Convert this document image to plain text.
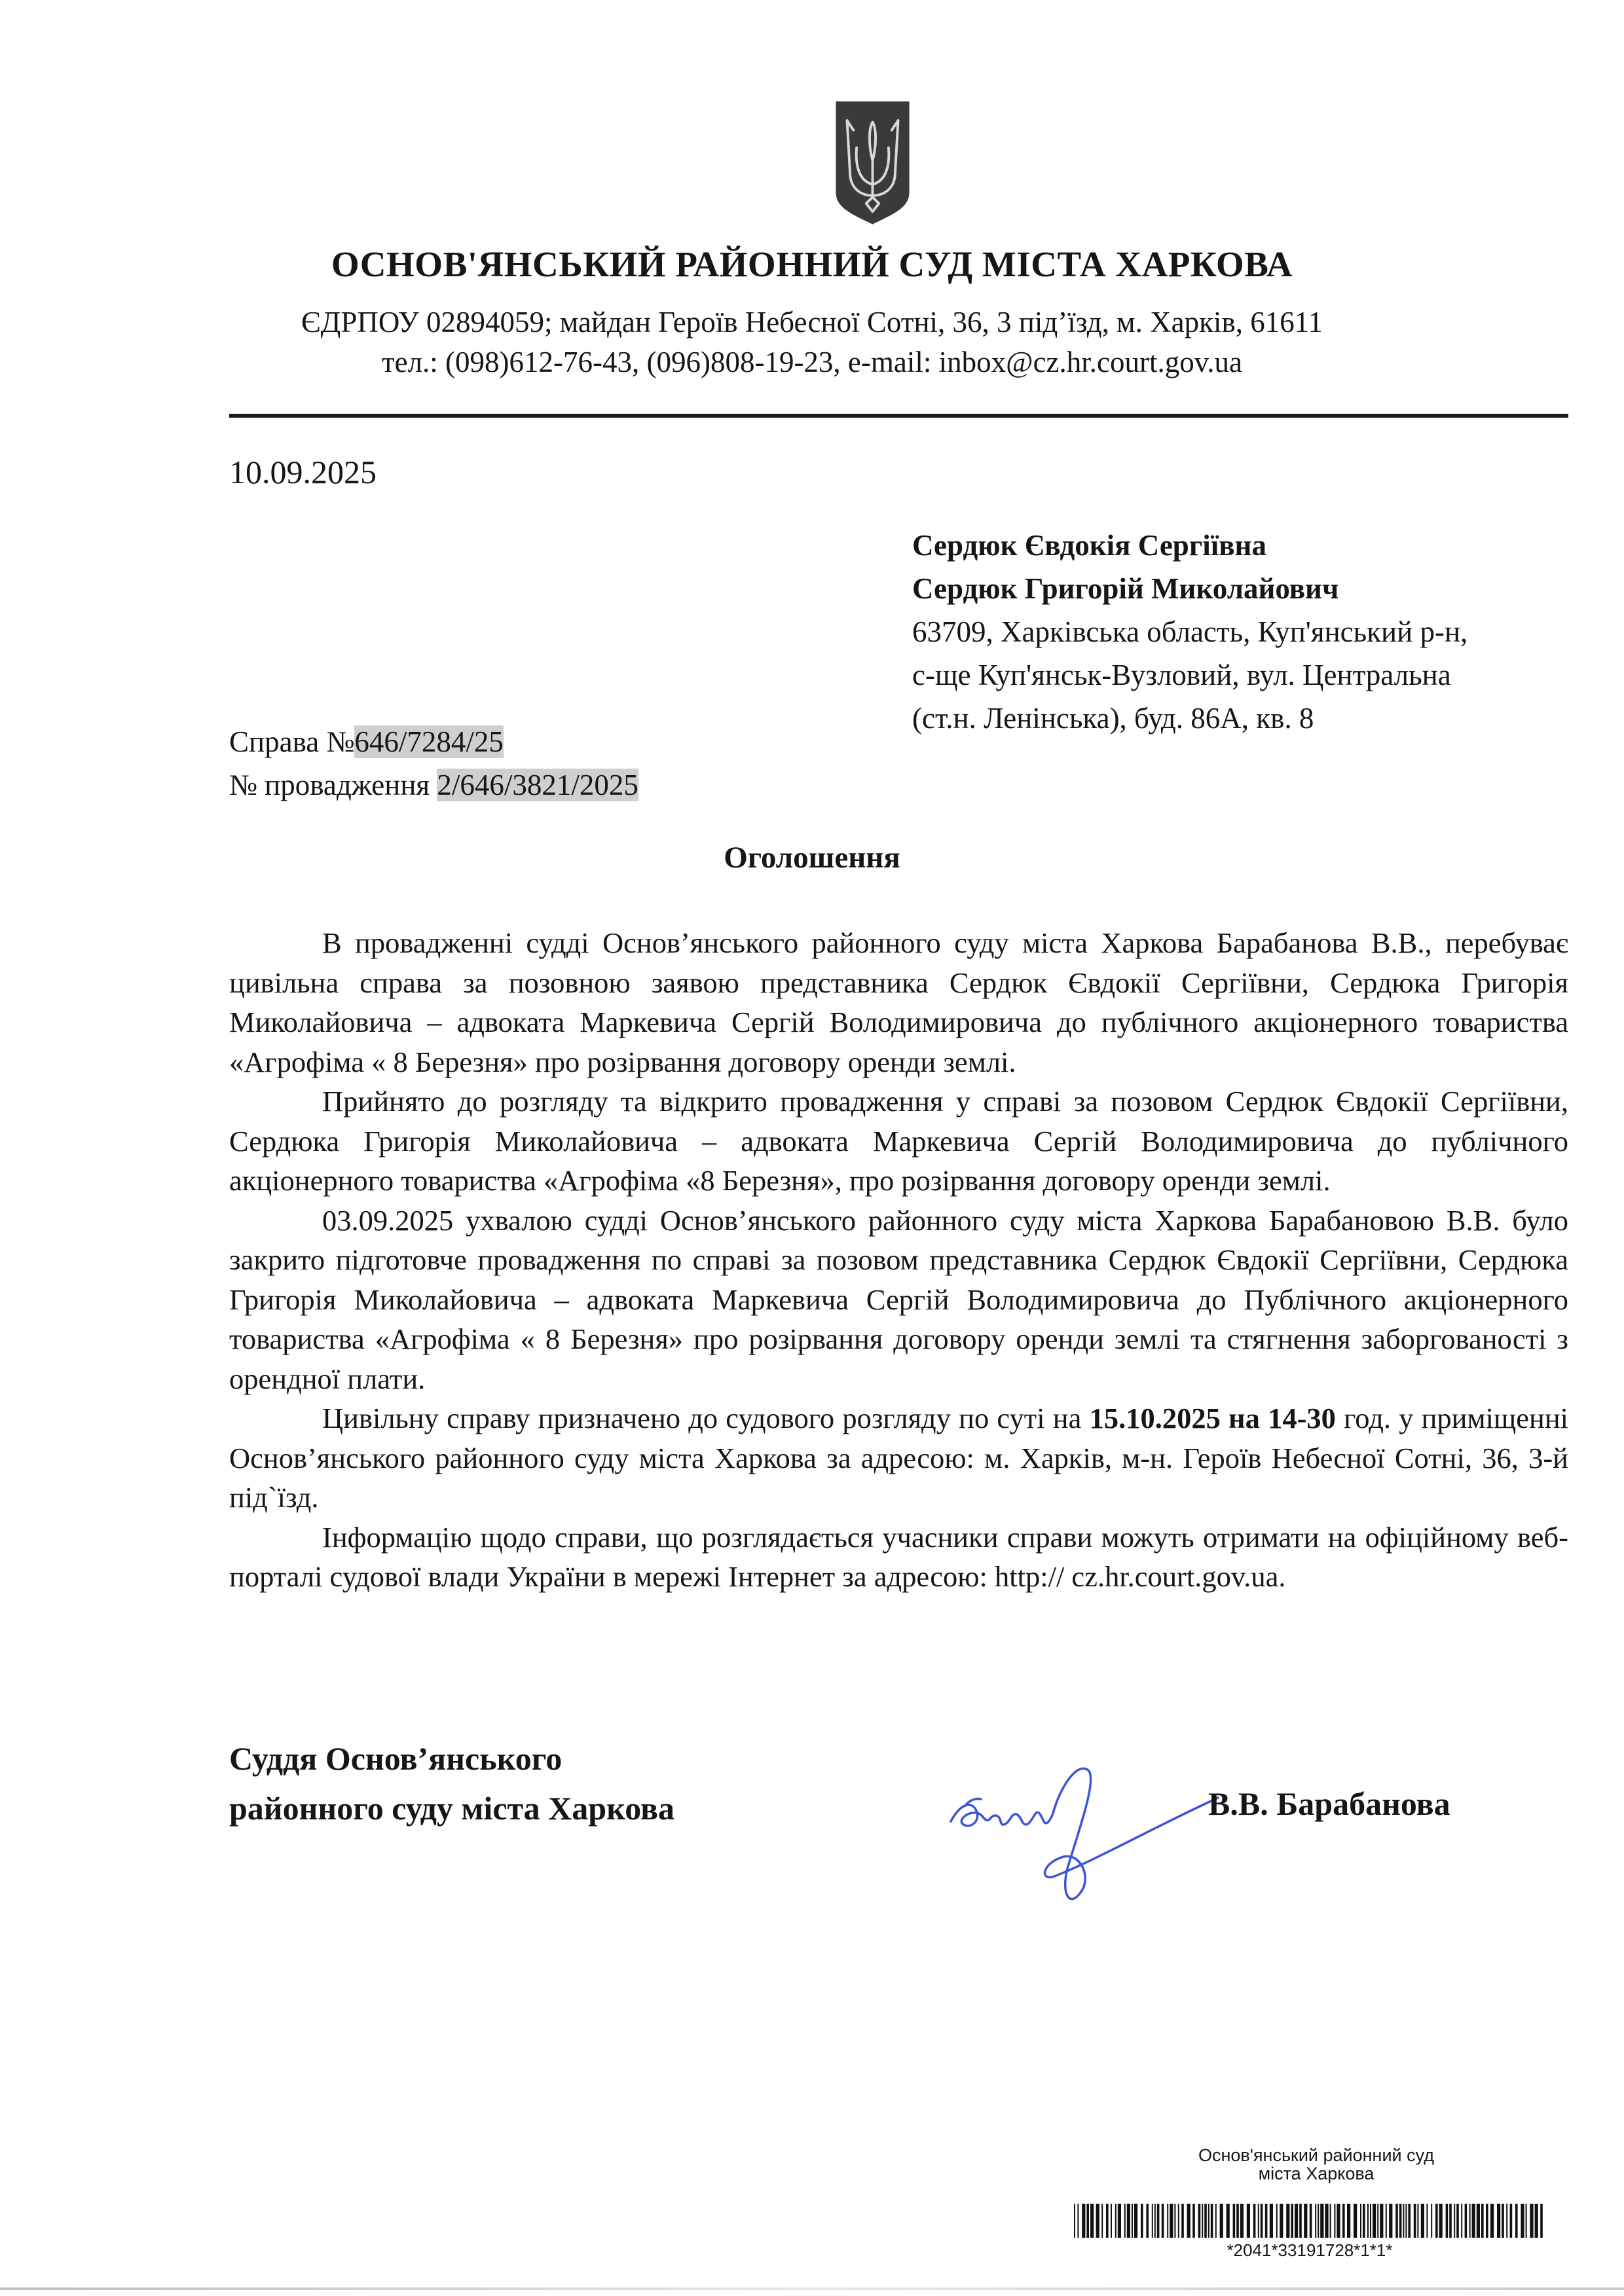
ОСНОВ'ЯНСЬКИЙ РАЙОННИЙ СУД МІСТА ХАРКОВА
ЄДРПОУ 02894059; майдан Героїв Небесної Сотні, 36, 3 під’їзд, м. Харків, 61611
тел.: (098)612-76-43, (096)808-19-23, e-mail: inbox@cz.hr.court.gov.ua
10.09.2025
Сердюк Євдокія Сергіївна
Сердюк Григорій Миколайович
63709, Харківська область, Куп'янський р-н,
с-ще Куп'янськ-Вузловий, вул. Центральна
(ст.н. Ленінська), буд. 86А, кв. 8
Справа №646/7284/25
№ провадження 2/646/3821/2025
Оголошення

В провадженні судді Основ’янського районного суду міста Харкова Барабанова В.В., перебуває цивільна справа за позовною заявою представника Сердюк Євдокії Сергіївни, Сердюка Григорія Миколайовича – адвоката Маркевича Сергій Володимировича до публічного акціонерного товариства «Агрофіма « 8 Березня» про розірвання договору оренди землі.

Прийнято до розгляду та відкрито провадження у справі за позовом Сердюк Євдокії Сергіївни, Сердюка Григорія Миколайовича – адвоката Маркевича Сергій Володимировича до публічного акціонерного товариства «Агрофіма «8 Березня», про розірвання договору оренди землі.

03.09.2025 ухвалою судді Основ’янського районного суду міста Харкова Барабановою В.В. було закрито підготовче провадження по справі за позовом представника Сердюк Євдокії Сергіївни, Сердюка Григорія Миколайовича – адвоката Маркевича Сергій Володимировича до Публічного акціонерного товариства «Агрофіма « 8 Березня» про розірвання договору оренди землі та стягнення заборгованості з орендної плати.

Цивільну справу призначено до судового розгляду по суті на 15.10.2025 на 14-30 год. у приміщенні Основ’янського районного суду міста Харкова за адресою: м. Харків, м-н. Героїв Небесної Сотні, 36, 3-й під`їзд.

Інформацію щодо справи, що розглядається учасники справи можуть отримати на офіційному веб-порталі судової влади України в мережі Інтернет за адресою: http:// cz.hr.court.gov.ua.

Суддя Основ’янського
районного суду міста Харкова	В.В. Барабанова
Основ'янський районний суд
міста Харкова
*2041*33191728*1*1*
